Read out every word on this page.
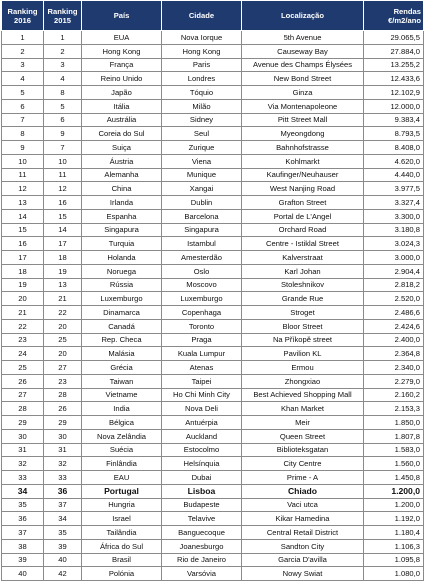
Ranking 2016	Ranking 2015	País	Cidade	Localização	Rendas €/m2/ano
1	1	EUA	Nova Iorque	5th Avenue	29.065,5
2	2	Hong Kong	Hong Kong	Causeway Bay	27.884,0
3	3	França	Paris	Avenue des Champs Élysées	13.255,2
4	4	Reino Unido	Londres	New Bond Street	12.433,6
5	8	Japão	Tóquio	Ginza	12.102,9
6	5	Itália	Milão	Via Montenapoleone	12.000,0
7	6	Austrália	Sidney	Pitt Street Mall	9.383,4
8	9	Coreia do Sul	Seul	Myeongdong	8.793,5
9	7	Suiça	Zurique	Bahnhofstrasse	8.408,0
10	10	Áustria	Viena	Kohlmarkt	4.620,0
11	11	Alemanha	Munique	Kaufinger/Neuhauser	4.440,0
12	12	China	Xangai	West Nanjing Road	3.977,5
13	16	Irlanda	Dublin	Grafton Street	3.327,4
14	15	Espanha	Barcelona	Portal de L'Angel	3.300,0
15	14	Singapura	Singapura	Orchard Road	3.180,8
16	17	Turquia	Istambul	Centre - Istiklal Street	3.024,3
17	18	Holanda	Amesterdão	Kalverstraat	3.000,0
18	19	Noruega	Oslo	Karl Johan	2.904,4
19	13	Rússia	Moscovo	Stoleshnikov	2.818,2
20	21	Luxemburgo	Luxemburgo	Grande Rue	2.520,0
21	22	Dinamarca	Copenhaga	Stroget	2.486,6
22	20	Canadá	Toronto	Bloor Street	2.424,6
23	25	Rep. Checa	Praga	Na Příkopě street	2.400,0
24	20	Malásia	Kuala Lumpur	Pavilion KL	2.364,8
25	27	Grécia	Atenas	Ermou	2.340,0
26	23	Taiwan	Taipei	Zhongxiao	2.279,0
27	28	Vietname	Ho Chi Minh City	Best Achieved Shopping Mall	2.160,2
28	26	India	Nova Deli	Khan Market	2.153,3
29	29	Bélgica	Antuérpia	Meir	1.850,0
30	30	Nova Zelândia	Auckland	Queen Street	1.807,8
31	31	Suécia	Estocolmo	Biblioteksgatan	1.583,0
32	32	Finlândia	Helsínquia	City Centre	1.560,0
33	33	EAU	Dubai	Prime - A	1.450,8
34	36	Portugal	Lisboa	Chiado	1.200,0
35	37	Hungria	Budapeste	Vaci utca	1.200,0
36	34	Israel	Telavive	Kikar Hamedina	1.192,0
37	35	Tailândia	Banguecoque	Central Retail District	1.180,4
38	39	África do Sul	Joanesburgo	Sandton City	1.106,3
39	40	Brasil	Rio de Janeiro	Garcia D'avilla	1.095,8
40	42	Polónia	Varsóvia	Nowy Swiat	1.080,0
